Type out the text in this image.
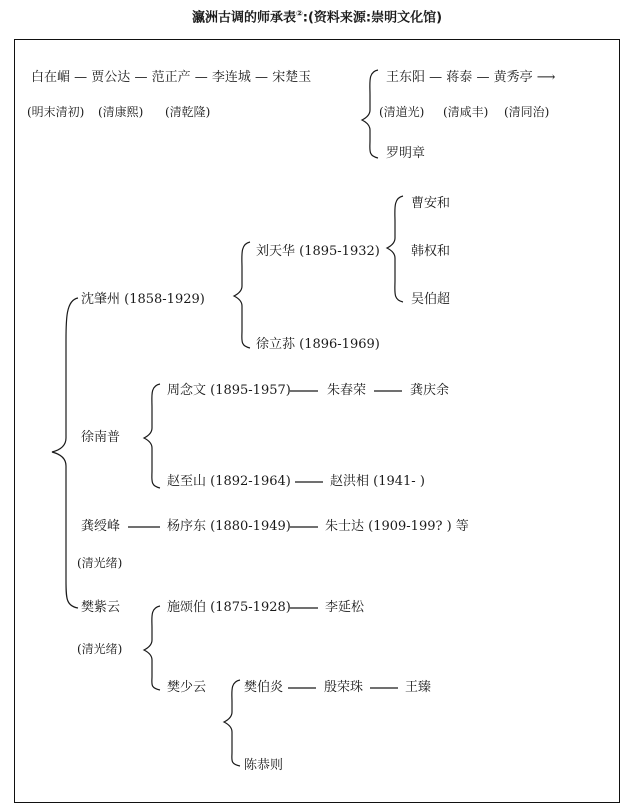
瀛洲古调的师承表②:(资料来源:崇明文化馆)
白在嵋 — 贾公达 — 范正产 — 李连城 — 宋楚玉
(明末清初) (清康熙) (清乾隆)
王东阳 — 蒋泰 — 黄秀亭 ⟶
(清道光) (清咸丰) (清同治)
罗明章
曹安和
韩权和
吴伯超
刘天华 (1895-1932)
沈肇州 (1858-1929)
徐立荪 (1896-1969)
周念文 (1895-1957)	朱春荣	龚庆余
徐南普
赵至山 (1892-1964)	赵洪相 (1941- )
龚绶峰	杨序东 (1880-1949)	朱士达 (1909-199? ) 等
(清光绪)
樊紫云
(清光绪)
施颂伯 (1875-1928)	李延松
樊少云	樊伯炎	殷荣珠	王臻
陈恭则
